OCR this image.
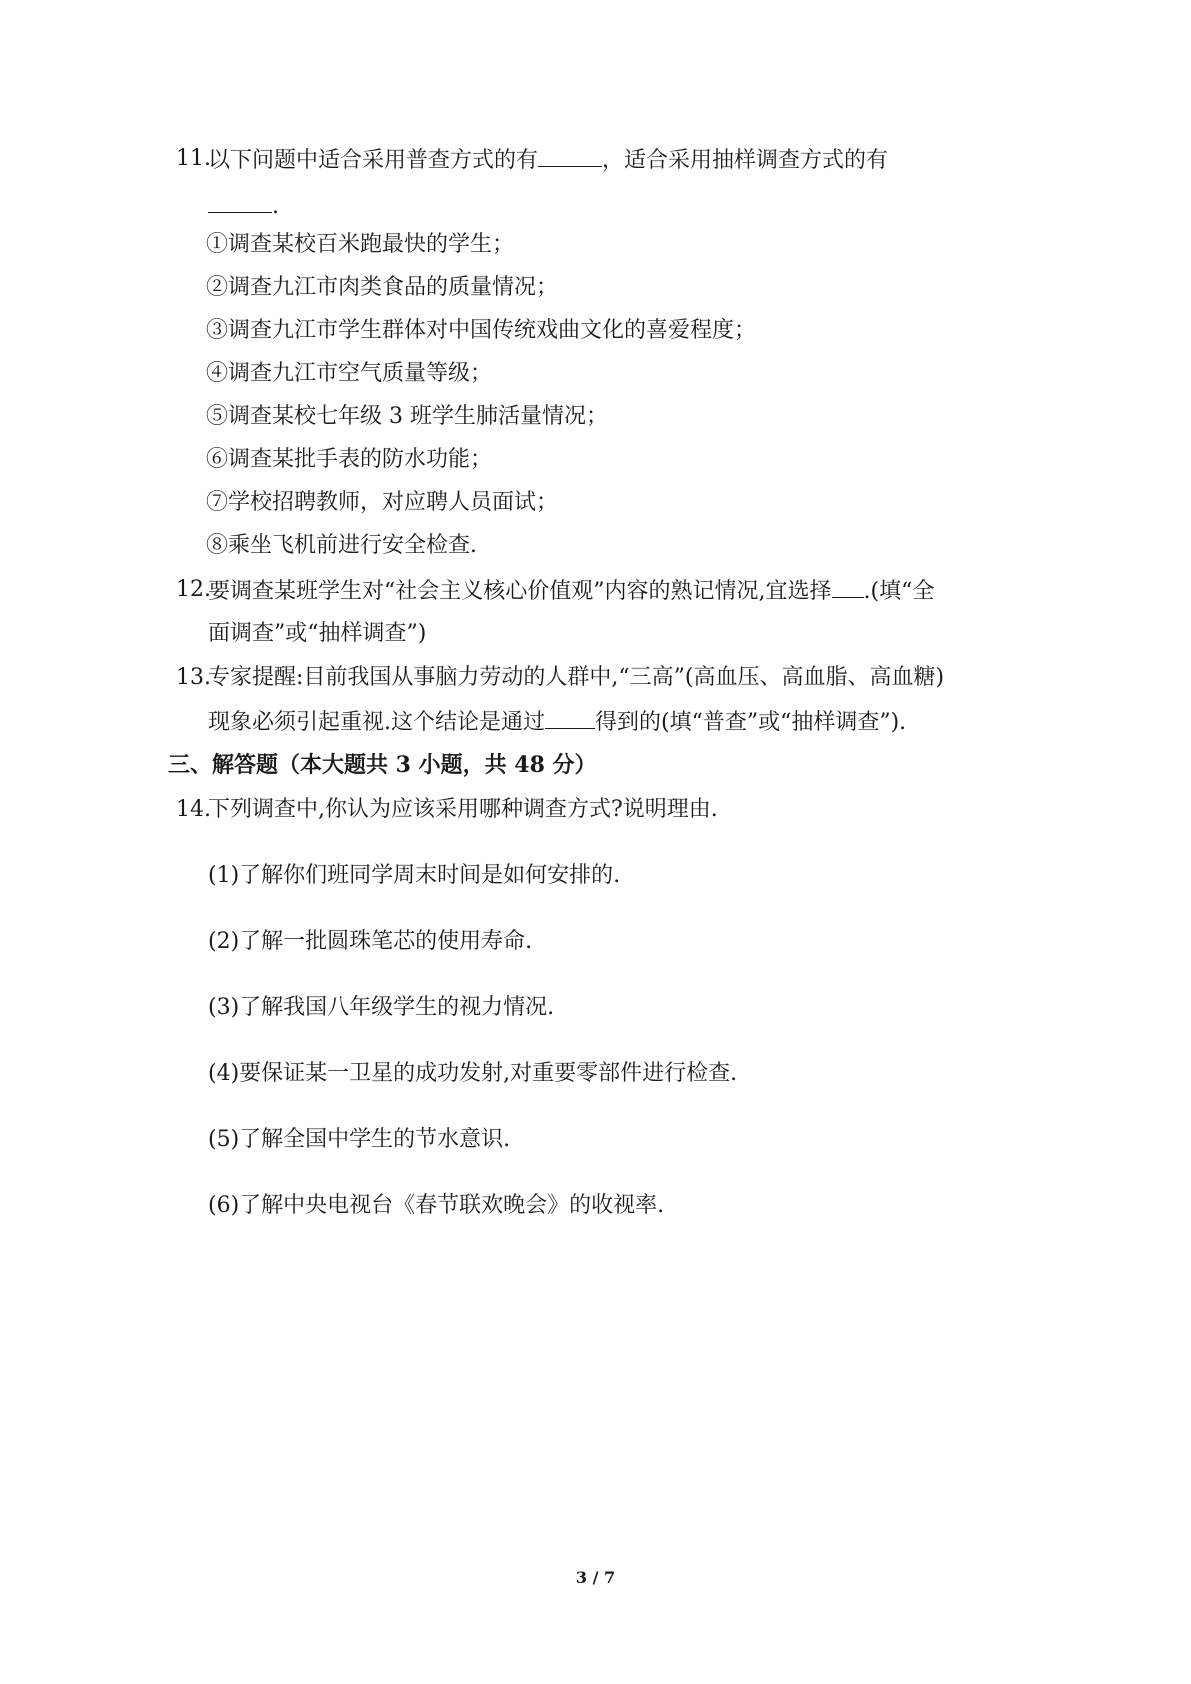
11.
以下问题中适合采用普查方式的有	，适合采用抽样调查方式的有
.
①调查某校百米跑最快的学生；
②调查九江市肉类食品的质量情况；
③调查九江市学生群体对中国传统戏曲文化的喜爱程度；
④调查九江市空气质量等级；
⑤调查某校七年级 3 班学生肺活量情况；
⑥调查某批手表的防水功能；
⑦学校招聘教师，对应聘人员面试；
⑧乘坐飞机前进行安全检查.
12.
要调查某班学生对“社会主义核心价值观”内容的熟记情况,宜选择 .(填“全
面调查”或“抽样调查”)
13.
专家提醒:目前我国从事脑力劳动的人群中,“三高”(高血压、高血脂、高血糖)
现象必须引起重视.这个结论是通过 得到的(填“普查”或“抽样调查”).
三、解答题（本大题共 3 小题，共 48 分）
14.
下列调查中,你认为应该采用哪种调查方式?说明理由.
(1)了解你们班同学周末时间是如何安排的.
(2)了解一批圆珠笔芯的使用寿命.
(3)了解我国八年级学生的视力情况.
(4)要保证某一卫星的成功发射,对重要零部件进行检查.
(5)了解全国中学生的节水意识.
(6)了解中央电视台《春节联欢晚会》的收视率.
3 / 7
